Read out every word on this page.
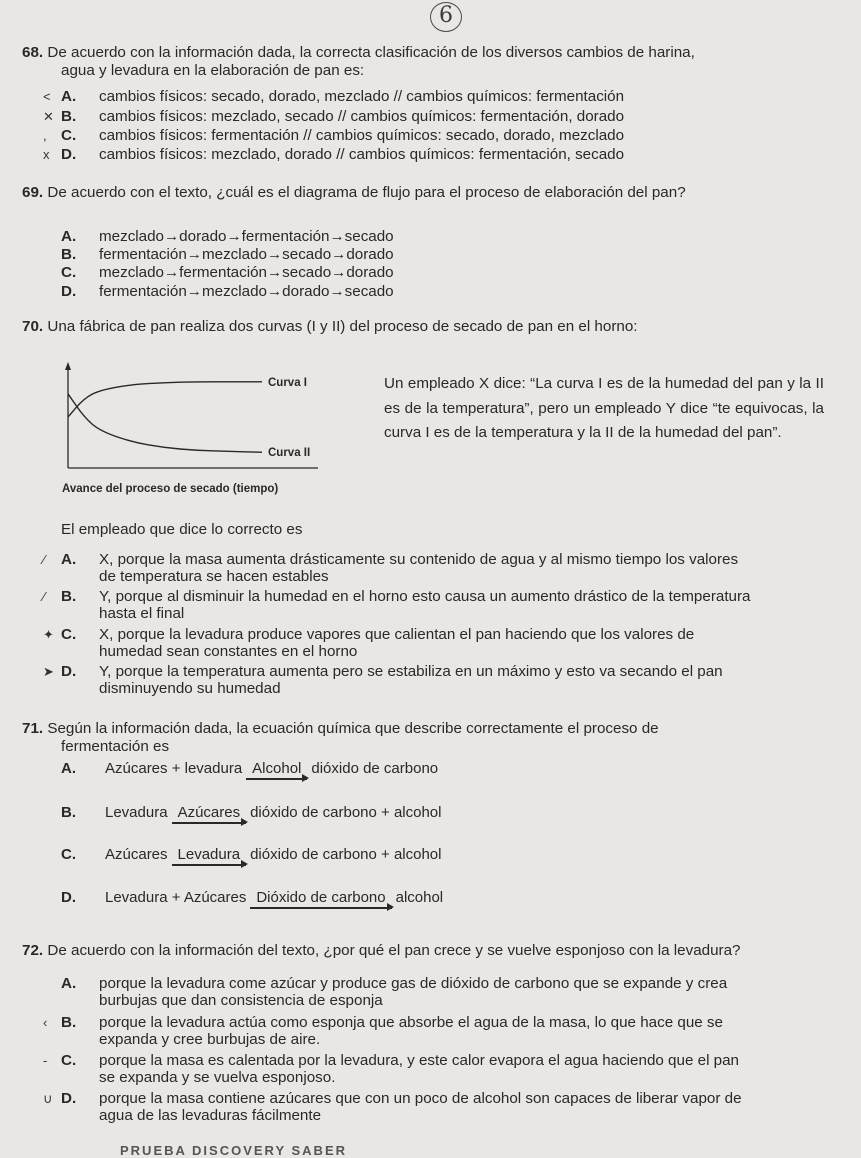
6
68. De acuerdo con la información dada, la correcta clasificación de los diversos cambios de harina,
agua y levadura en la elaboración de pan es:
< A. cambios físicos: secado, dorado, mezclado // cambios químicos: fermentación
✕ B. cambios físicos: mezclado, secado // cambios químicos: fermentación, dorado
, C. cambios físicos: fermentación // cambios químicos: secado, dorado, mezclado
x D. cambios físicos: mezclado, dorado // cambios químicos: fermentación, secado
69. De acuerdo con el texto, ¿cuál es el diagrama de flujo para el proceso de elaboración del pan?
A. mezclado→dorado→fermentación→secado
B. fermentación→mezclado→secado→dorado
C. mezclado→fermentación→secado→dorado
D. fermentación→mezclado→dorado→secado
70. Una fábrica de pan realiza dos curvas (I y II) del proceso de secado de pan en el horno:
Curva I
Curva II
Avance del proceso de secado (tiempo)
Un empleado X dice: “La curva I es de la humedad del pan y la II es de la temperatura”, pero un empleado Y dice “te equivocas, la curva I es de la temperatura y la II de la humedad del pan”.
El empleado que dice lo correcto es
⁄ A. X, porque la masa aumenta drásticamente su contenido de agua y al mismo tiempo los valores
de temperatura se hacen estables
⁄ B. Y, porque al disminuir la humedad en el horno esto causa un aumento drástico de la temperatura
hasta el final
✦ C. X, porque la levadura produce vapores que calientan el pan haciendo que los valores de
humedad sean constantes en el horno
➤ D. Y, porque la temperatura aumenta pero se estabiliza en un máximo y esto va secando el pan
disminuyendo su humedad
71. Según la información dada, la ecuación química que describe correctamente el proceso de
fermentación es
A. Azúcares + levadura Alcohol dióxido de carbono
B. Levadura Azúcares dióxido de carbono + alcohol
C. Azúcares Levadura dióxido de carbono + alcohol
D. Levadura + Azúcares Dióxido de carbono alcohol
72. De acuerdo con la información del texto, ¿por qué el pan crece y se vuelve esponjoso con la levadura?
A. porque la levadura come azúcar y produce gas de dióxido de carbono que se expande y crea
burbujas que dan consistencia de esponja
‹ B. porque la levadura actúa como esponja que absorbe el agua de la masa, lo que hace que se
expanda y cree burbujas de aire.
- C. porque la masa es calentada por la levadura, y este calor evapora el agua haciendo que el pan
se expanda y se vuelva esponjoso.
∪ D. porque la masa contiene azúcares que con un poco de alcohol son capaces de liberar vapor de
agua de las levaduras fácilmente
PRUEBA DISCOVERY SABER
